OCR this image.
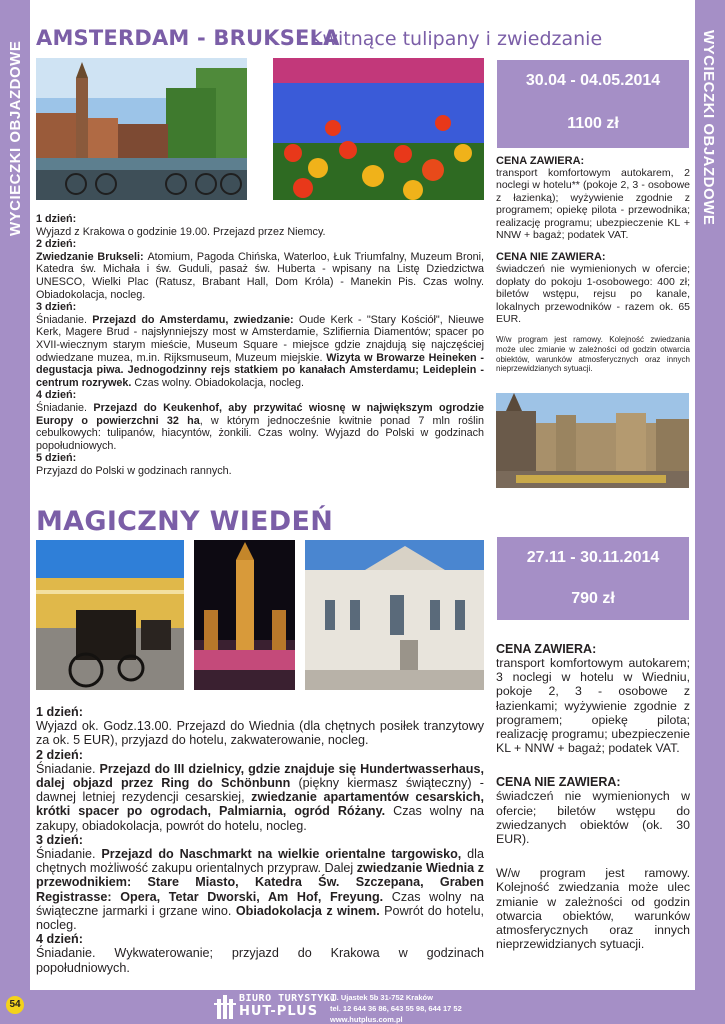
WYCIECZKI OBJAZDOWE	WYCIECZKI OBJAZDOWE
AMSTERDAM - BRUKSELA
Kwitnące tulipany i zwiedzanie
30.04 - 04.05.2014
1100 zł
CENA ZAWIERA:

transport komfortowym autokarem, 2 noclegi w hotelu** (pokoje 2, 3 - osobowe z łazienką); wyżywienie zgodnie z programem; opiekę pilota - przewodnika; realizację programu; ubezpieczenie KL + NNW + bagaż; podatek VAT.

CENA NIE ZAWIERA:

świadczeń nie wymienionych w ofercie; dopłaty do pokoju 1-osobowego: 400 zł; biletów wstępu, rejsu po kanale, lokalnych przewodników - razem ok. 65 EUR.

W/w program jest ramowy. Kolejność zwiedzania może ulec zmianie w zależności od godzin otwarcia obiektów, warunków atmosferycznych oraz innych nieprzewidzianych sytuacji.

1 dzień:
Wyjazd z Krakowa o godzinie 19.00. Przejazd przez Niemcy.
2 dzień:
Zwiedzanie Brukseli: Atomium, Pagoda Chińska, Waterloo, Łuk Triumfalny, Muzeum Broni, Katedra św. Michała i św. Guduli, pasaż św. Huberta - wpisany na Listę Dziedzictwa UNESCO, Wielki Plac (Ratusz, Brabant Hall, Dom Króla) - Manekin Pis. Czas wolny. Obiadokolacja, nocleg.
3 dzień:
Śniadanie. Przejazd do Amsterdamu, zwiedzanie: Oude Kerk - "Stary Kościół", Nieuwe Kerk, Magere Brud - najsłynniejszy most w Amsterdamie, Szlifiernia Diamentów; spacer po XVII-wiecznym starym mieście, Museum Square - miejsce gdzie znajdują się najczęściej odwiedzane muzea, m.in. Rijksmuseum, Muzeum miejskie. Wizyta w Browarze Heineken - degustacja piwa. Jednogodzinny rejs statkiem po kanałach Amsterdamu; Leideplein - centrum rozrywek. Czas wolny. Obiadokolacja, nocleg.
4 dzień:
Śniadanie. Przejazd do Keukenhof, aby przywitać wiosnę w największym ogrodzie Europy o powierzchni 32 ha, w którym jednocześnie kwitnie ponad 7 mln roślin cebulkowych: tulipanów, hiacyntów, żonkili. Czas wolny. Wyjazd do Polski w godzinach popołudniowych.
5 dzień:
Przyjazd do Polski w godzinach rannych.
MAGICZNY WIEDEŃ
27.11 - 30.11.2014
790 zł
CENA ZAWIERA:

transport komfortowym autokarem; 3 noclegi w hotelu w Wiedniu, pokoje 2, 3 - osobowe z łazienkami; wyżywienie zgodnie z programem; opiekę pilota; realizację programu; ubezpieczenie KL + NNW + bagaż; podatek VAT.

CENA NIE ZAWIERA:

świadczeń nie wymienionych w ofercie; biletów wstępu do zwiedzanych obiektów (ok. 30 EUR).

W/w program jest ramowy. Kolejność zwiedzania może ulec zmianie w zależności od godzin otwarcia obiektów, warunków atmosferycznych oraz innych nieprzewidzianych sytuacji.

1 dzień:
Wyjazd ok. Godz.13.00. Przejazd do Wiednia (dla chętnych posiłek tranzytowy za ok. 5 EUR), przyjazd do hotelu, zakwaterowanie, nocleg.
2 dzień:
Śniadanie. Przejazd do III dzielnicy, gdzie znajduje się Hundertwasserhaus, dalej objazd przez Ring do Schönbunn (piękny kiermasz świąteczny) - dawnej letniej rezydencji cesarskiej, zwiedzanie apartamentów cesarskich, krótki spacer po ogrodach, Palmiarnia, ogród Różany. Czas wolny na zakupy, obiadokolacja, powrót do hotelu, nocleg.
3 dzień:
Śniadanie. Przejazd do Naschmarkt na wielkie orientalne targowisko, dla chętnych możliwość zakupu orientalnych przypraw. Dalej zwiedzanie Wiednia z przewodnikiem: Stare Miasto, Katedra Św. Szczepana, Graben Registrasse: Opera, Tetar Dworski, Am Hof, Freyung. Czas wolny na świąteczne jarmarki i grzane wino. Obiadokolacja z winem. Powrót do hotelu, nocleg.
4 dzień:
Śniadanie. Wykwaterowanie; przyjazd do Krakowa w godzinach popołudniowych.
54
BIURO TURYSTYKI
HUT-PLUS
ul. Ujastek 5b 31-752 Kraków
tel. 12 644 36 86, 643 55 98, 644 17 52
www.hutplus.com.pl
